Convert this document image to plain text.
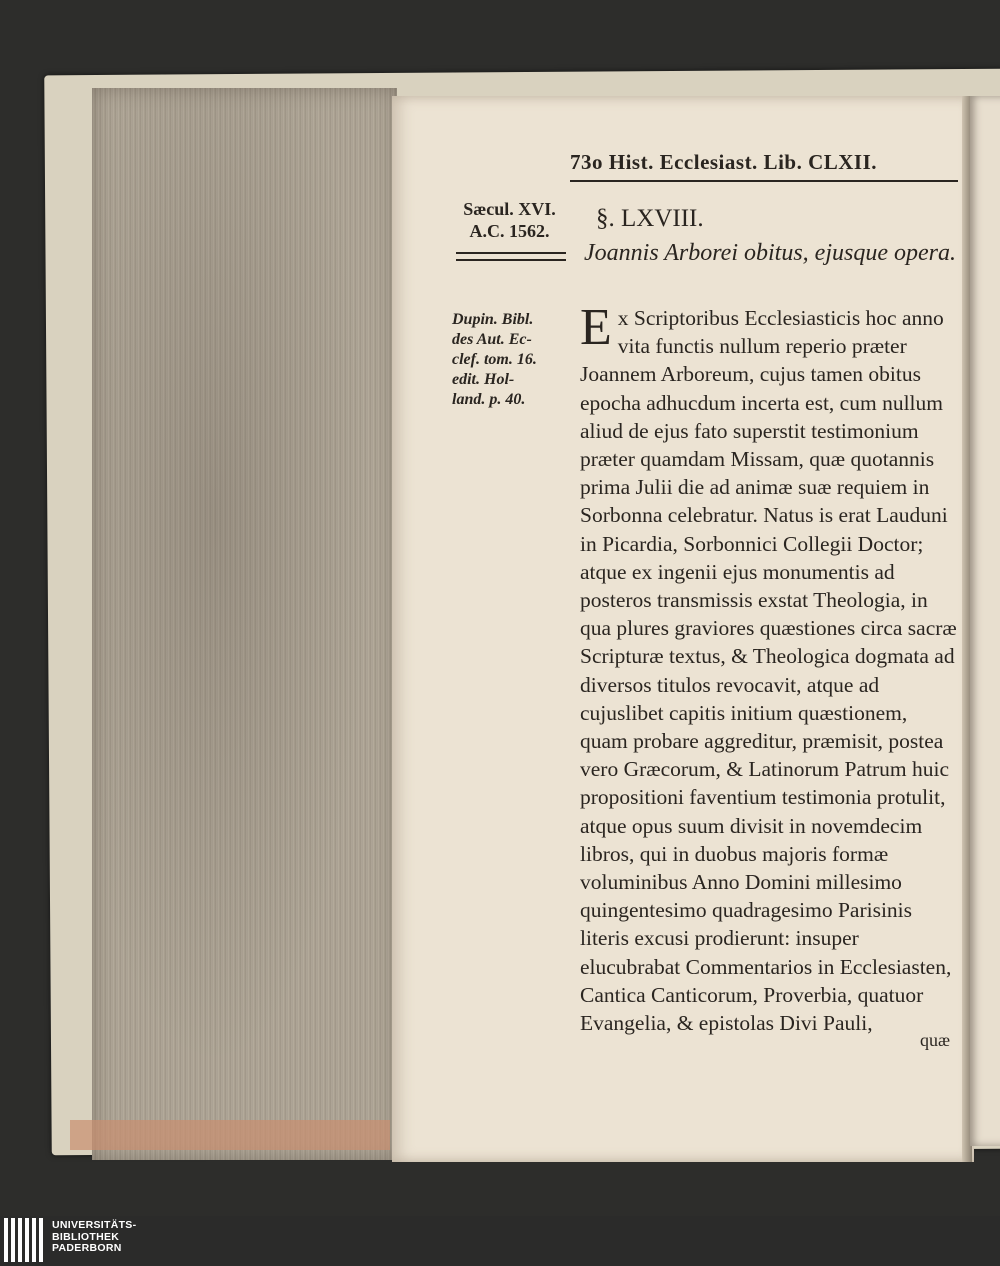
73o Hist. Ecclesiast. Lib. CLXII.
Sæcul. XVI.
A.C. 1562.
Dupin. Bibl.
des Aut. Ec-
clef. tom. 16.
edit. Hol-
land. p. 40.
§. LXVIII.
Joannis Arborei obitus, ejusque opera.
Ex Scriptoribus Ecclesiasticis hoc anno vita functis nullum reperio præter Joannem Arboreum, cujus tamen obitus epocha adhucdum incerta est, cum nullum aliud de ejus fato superstit testimonium præter quamdam Missam, quæ quotannis prima Julii die ad animæ suæ requiem in Sorbonna celebratur. Natus is erat Lauduni in Picardia, Sorbonnici Collegii Doctor; atque ex ingenii ejus monumentis ad posteros transmissis exstat Theologia, in qua plures graviores quæstiones circa sacræ Scripturæ textus, & Theologica dogmata ad diversos titulos revocavit, atque ad cujuslibet capitis initium quæstionem, quam probare aggreditur, præmisit, postea vero Græcorum, & Latinorum Patrum huic propositioni faventium testimonia protulit, atque opus suum divisit in novemdecim libros, qui in duobus majoris formæ voluminibus Anno Domini millesimo quingentesimo quadragesimo Parisinis literis excusi prodierunt: insuper elucubrabat Commentarios in Ecclesiasten, Cantica Canticorum, Proverbia, quatuor Evangelia, & epistolas Divi Pauli,
quæ
UNIVERSITÄTS-
BIBLIOTHEK
PADERBORN
